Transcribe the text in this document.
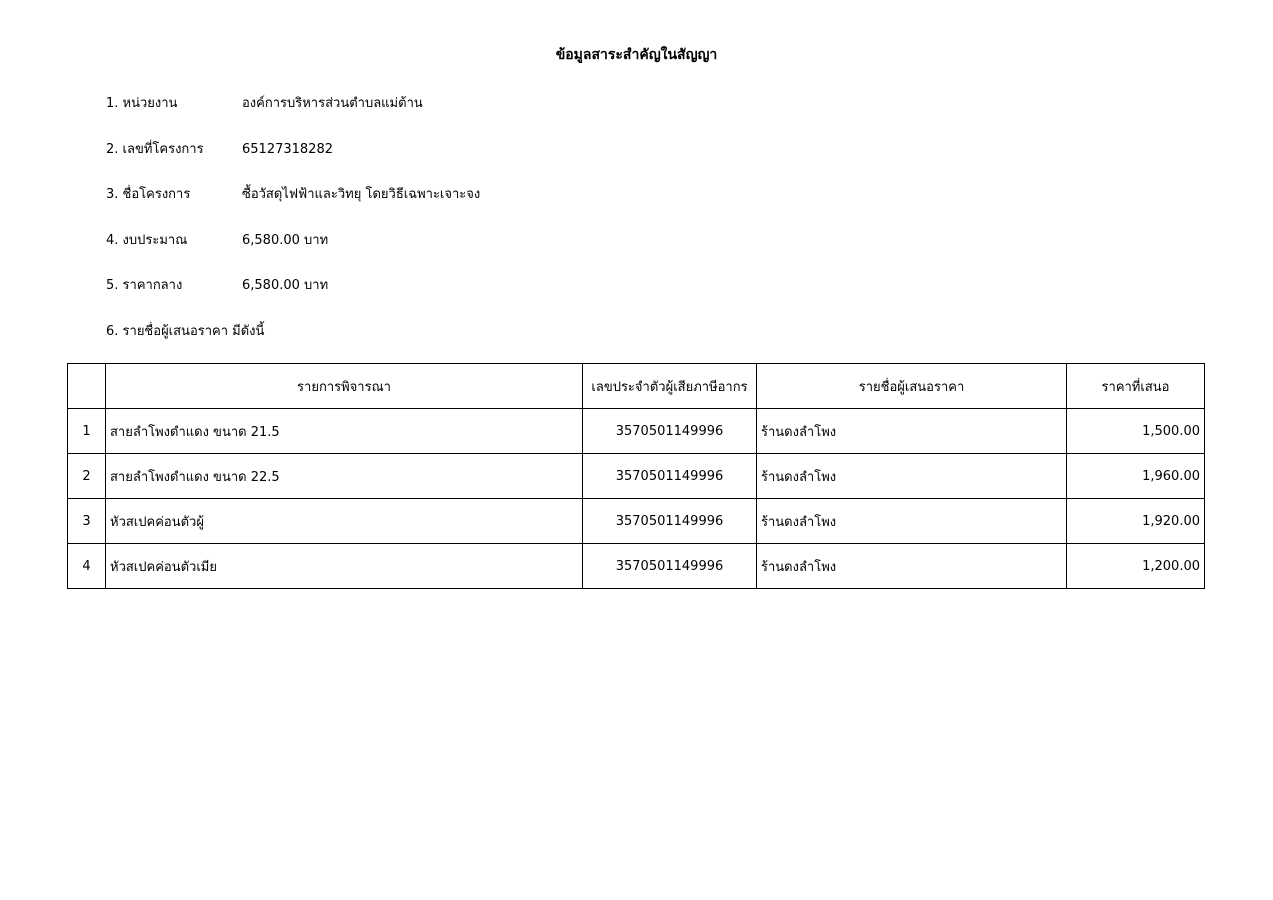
ข้อมูลสาระสำคัญในสัญญา
1. หน่วยงาน	องค์การบริหารส่วนตำบลแม่ต้าน
2. เลขที่โครงการ	65127318282
3. ชื่อโครงการ	ซื้อวัสดุไฟฟ้าและวิทยุ โดยวิธีเฉพาะเจาะจง
4. งบประมาณ	6,580.00 บาท
5. ราคากลาง	6,580.00 บาท
6. รายชื่อผู้เสนอราคา มีดังนี้
	รายการพิจารณา	เลขประจำตัวผู้เสียภาษีอากร	รายชื่อผู้เสนอราคา	ราคาที่เสนอ
1	สายลำโพงดำแดง ขนาด 21.5	3570501149996	ร้านดงลำโพง	1,500.00
2	สายลำโพงดำแดง ขนาด 22.5	3570501149996	ร้านดงลำโพง	1,960.00
3	หัวสเปคค่อนตัวผู้	3570501149996	ร้านดงลำโพง	1,920.00
4	หัวสเปคค่อนตัวเมีย	3570501149996	ร้านดงลำโพง	1,200.00
